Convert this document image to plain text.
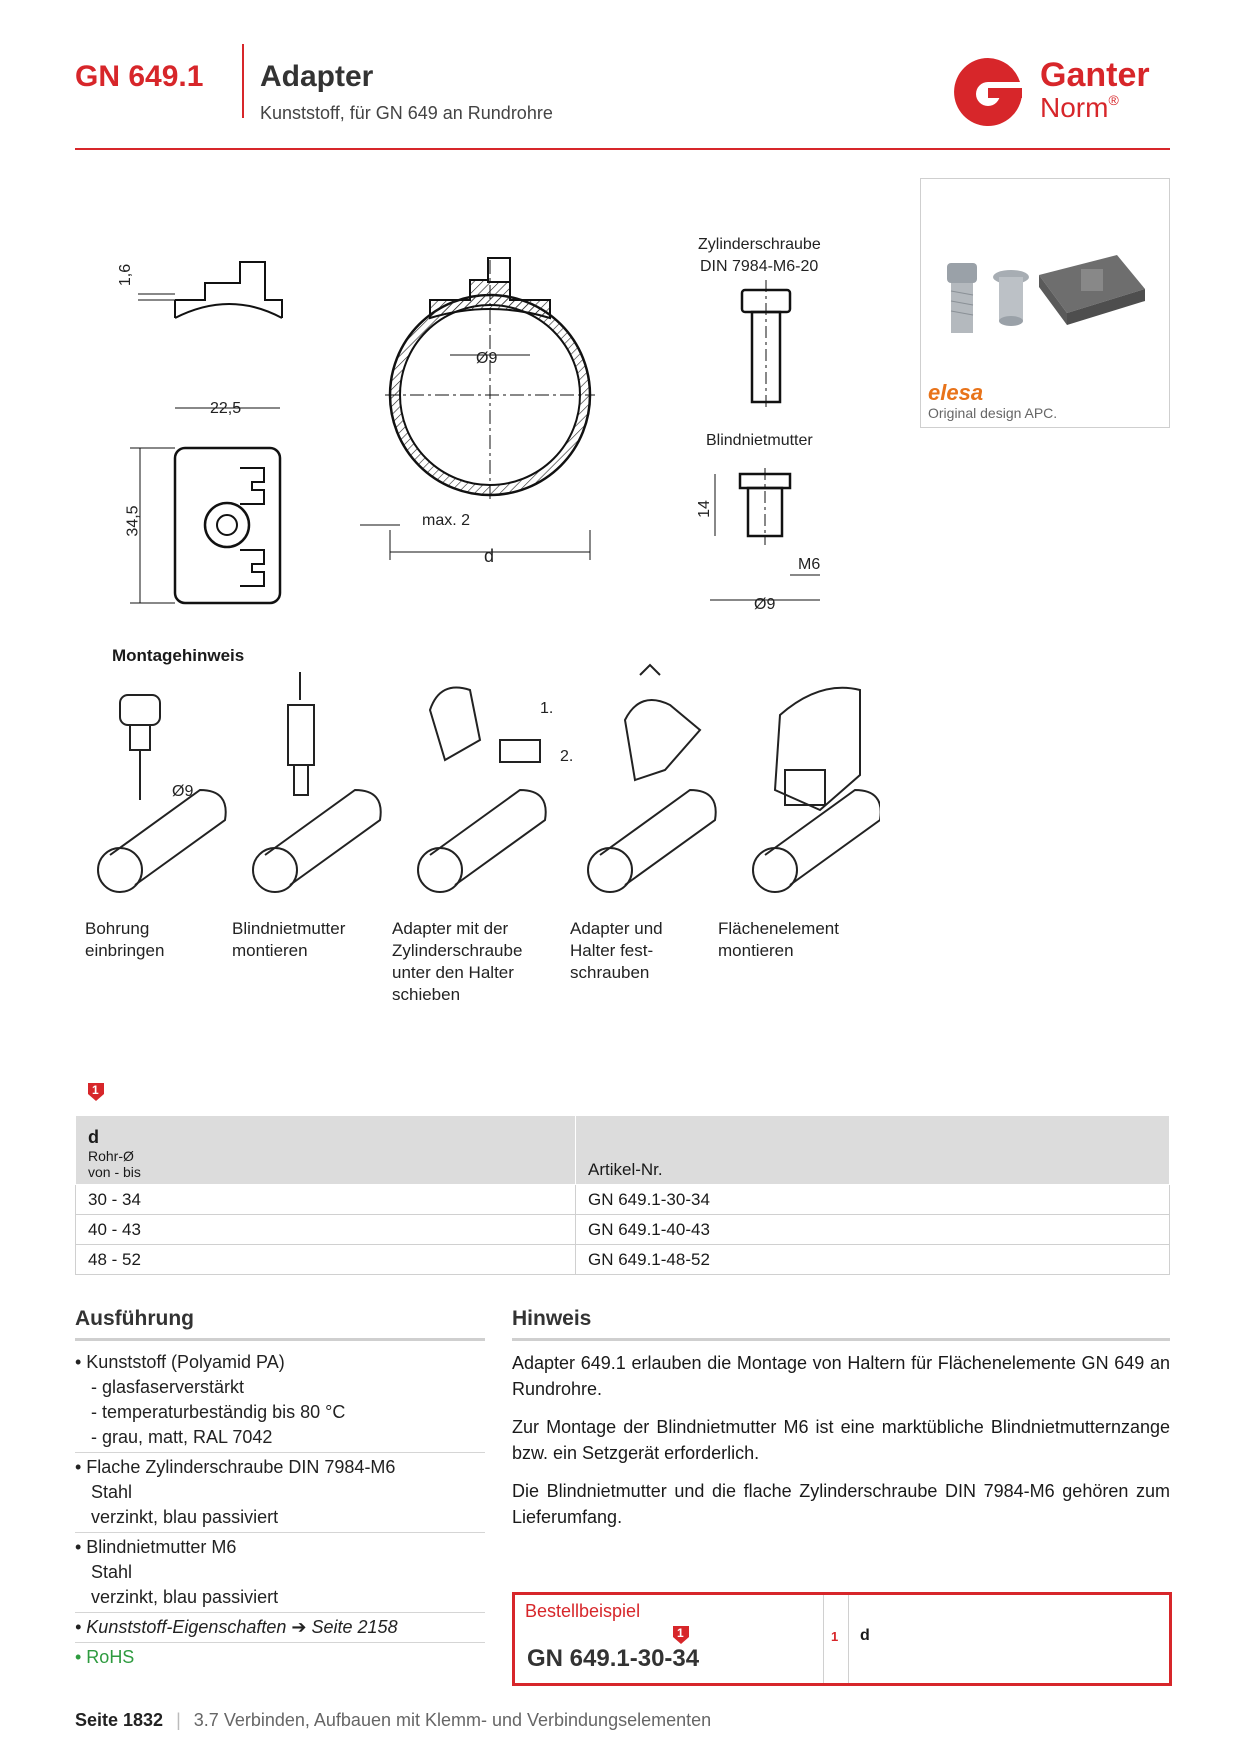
GN 649.1 Adapter
Kunststoff, für GN 649 an Rundrohre
Ganter
Norm®
elesa
Original design APC.
1,6
22,5
34,5
Ø9
max. 2
d
Zylinderschraube
DIN 7984-M6-20
Blindnietmutter
14
M6
Ø9
Montagehinweis
Ø9
1.
2.
Bohrung
einbringen
Blindnietmutter
montieren
Adapter mit der
Zylinderschraube
unter den Halter
schieben
Adapter und
Halter fest-
schrauben
Flächenelement
montieren
1
d
Rohr-Ø
von - bis	Artikel-Nr.
30 - 34	GN 649.1-30-34
40 - 43	GN 649.1-40-43
48 - 52	GN 649.1-48-52
Ausführung
• Kunststoff (Polyamid PA)
- glasfaserverstärkt
- temperaturbeständig bis 80 °C
- grau, matt, RAL 7042
• Flache Zylinderschraube DIN 7984-M6
Stahl
verzinkt, blau passiviert
• Blindnietmutter M6
Stahl
verzinkt, blau passiviert
• Kunststoff-Eigenschaften ➔ Seite 2158
• RoHS
Hinweis

Adapter 649.1 erlauben die Montage von Haltern für Flächenelemente GN 649 an Rundrohre.

Zur Montage der Blindnietmutter M6 ist eine marktübliche Blindnietmutternzange bzw. ein Setzgerät erforderlich.

Die Blindnietmutter und die flache Zylinderschraube DIN 7984-M6 gehören zum Lieferumfang.

Bestellbeispiel
1
GN 649.1-30-34
1 d
Seite 1832 | 3.7 Verbinden, Aufbauen mit Klemm- und Verbindungselementen
